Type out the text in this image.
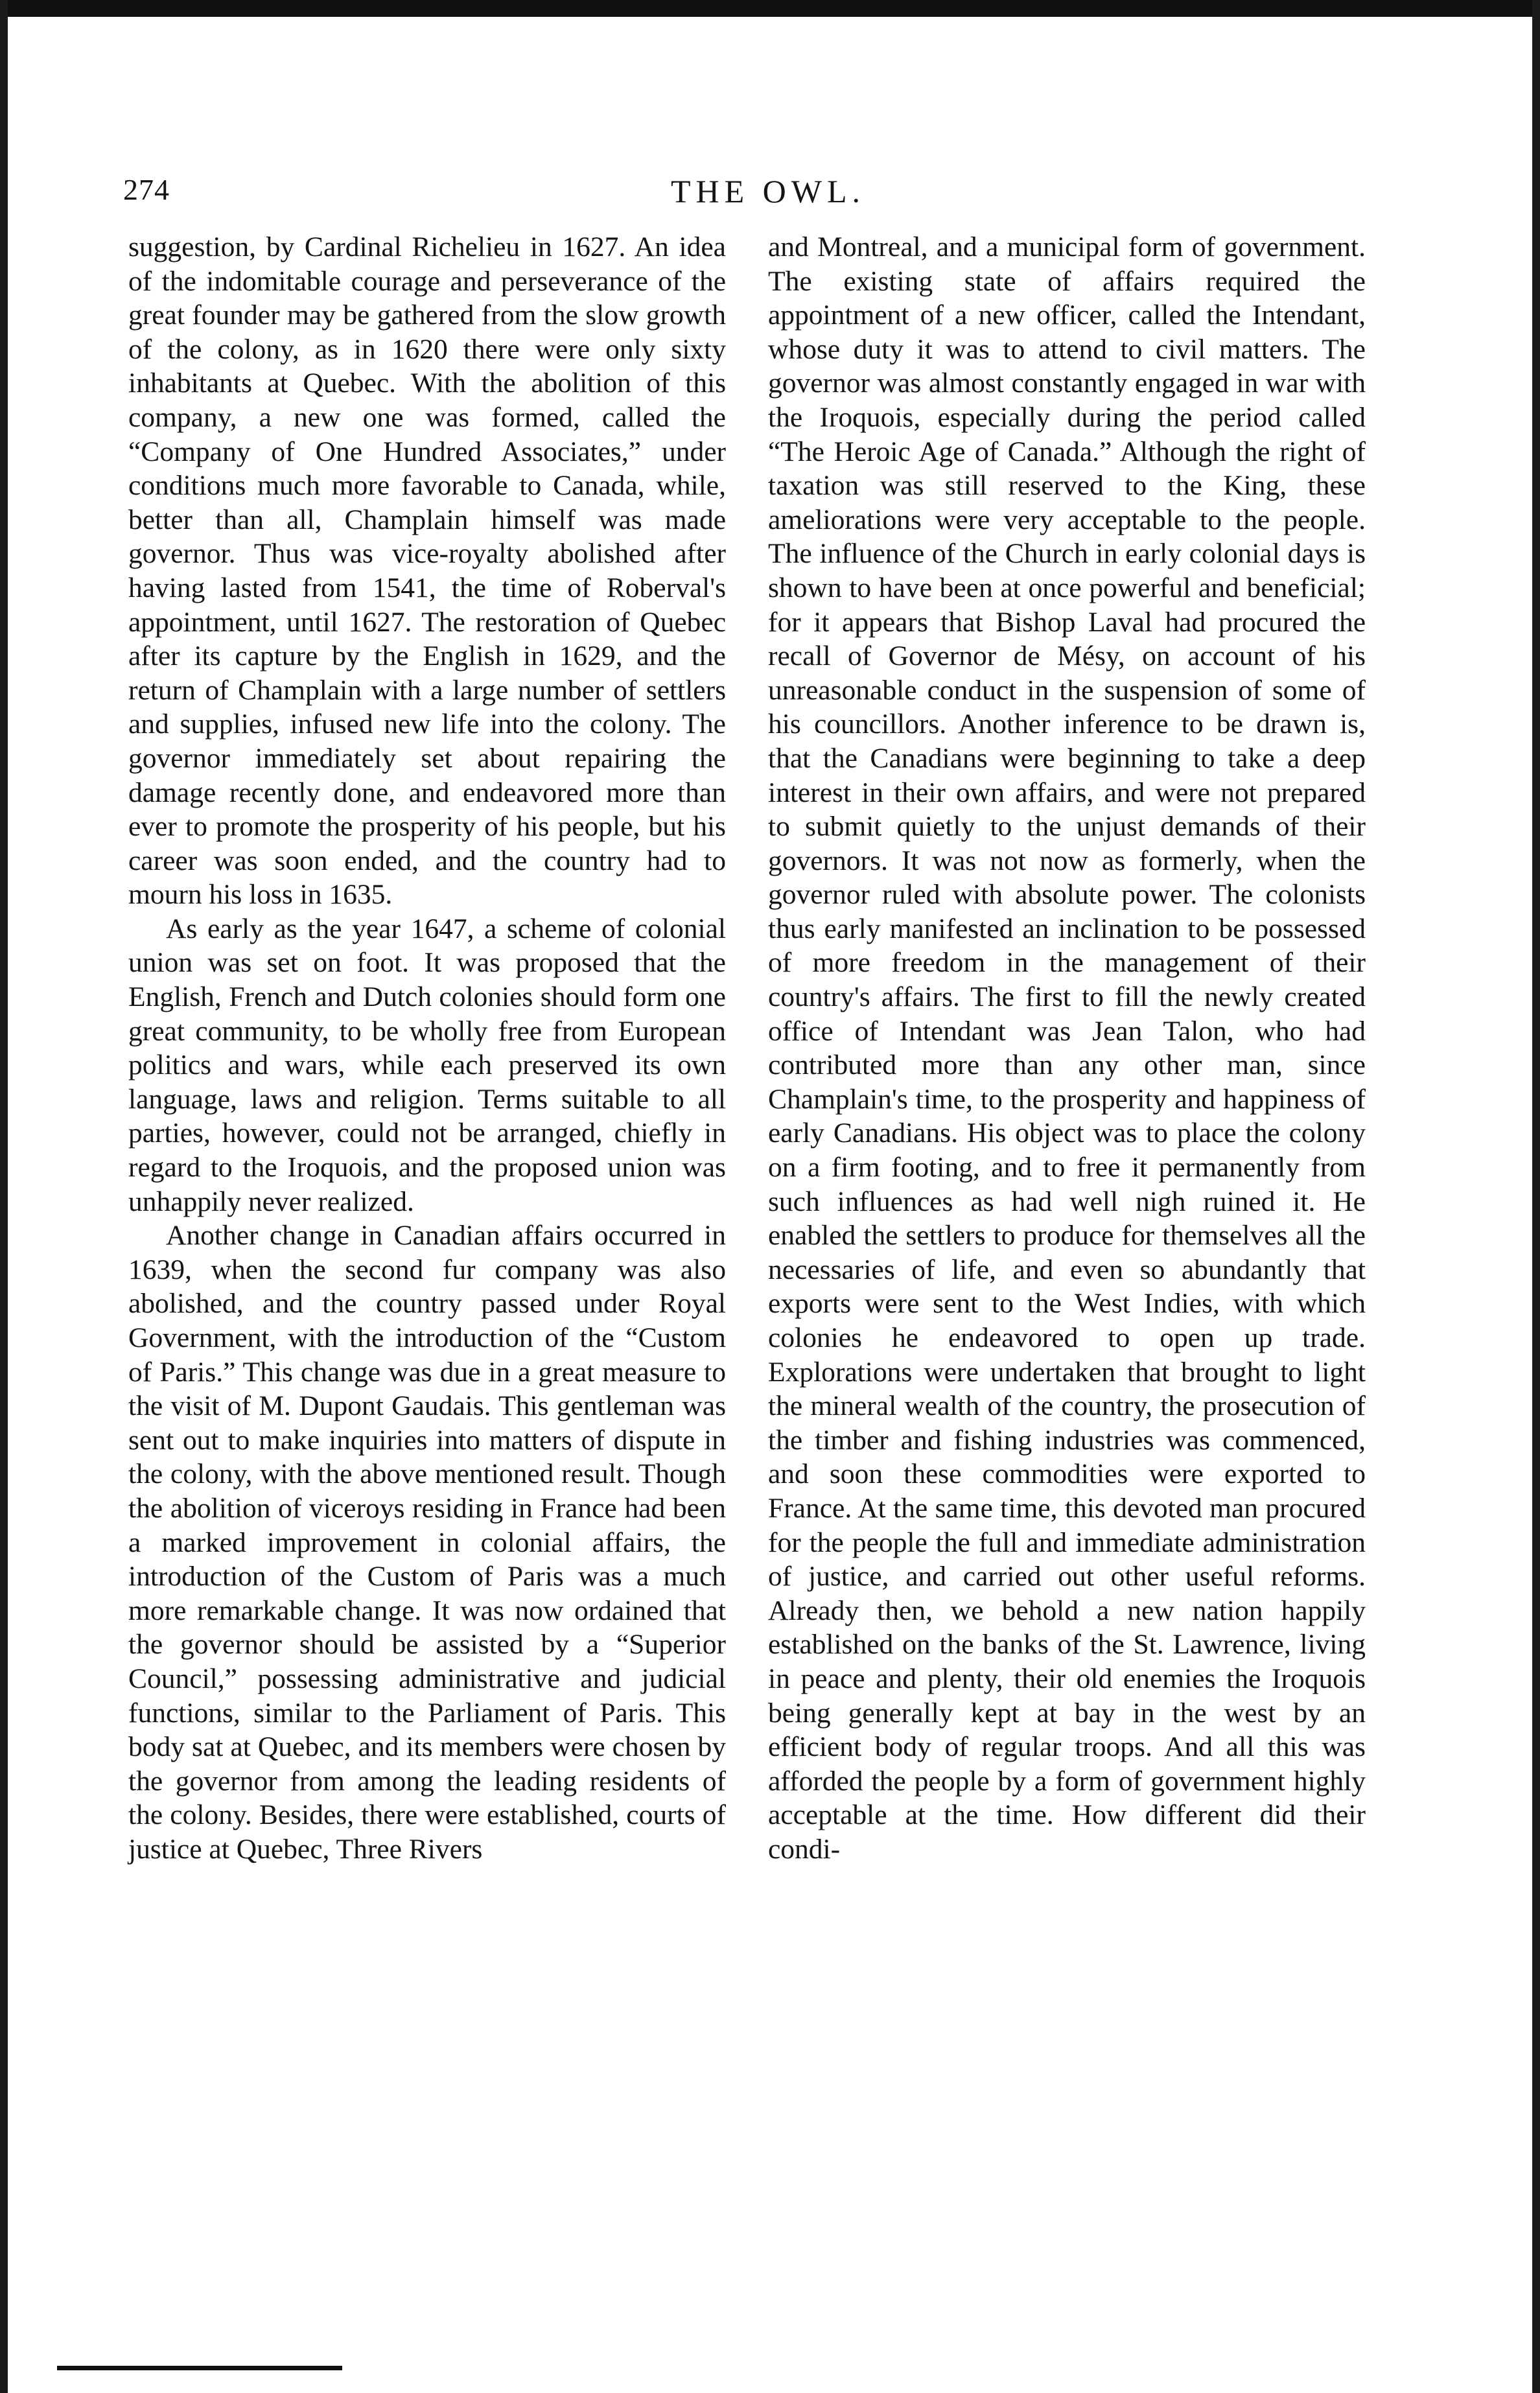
274	THE OWL.

suggestion, by Cardinal Richelieu in 1627. An idea of the indomitable courage and perseverance of the great founder may be gathered from the slow growth of the colony, as in 1620 there were only sixty inhabitants at Quebec. With the abolition of this company, a new one was formed, called the “Company of One Hundred Associates,” under conditions much more favorable to Canada, while, better than all, Champlain himself was made governor. Thus was vice-royalty abolished after having lasted from 1541, the time of Roberval's appointment, until 1627. The restoration of Quebec after its capture by the English in 1629, and the return of Champlain with a large number of settlers and supplies, infused new life into the colony. The governor immediately set about repairing the damage recently done, and endeavored more than ever to promote the prosperity of his people, but his career was soon ended, and the country had to mourn his loss in 1635.

As early as the year 1647, a scheme of colonial union was set on foot. It was proposed that the English, French and Dutch colonies should form one great community, to be wholly free from European politics and wars, while each preserved its own language, laws and religion. Terms suitable to all parties, however, could not be arranged, chiefly in regard to the Iroquois, and the proposed union was unhappily never realized.

Another change in Canadian affairs occurred in 1639, when the second fur company was also abolished, and the country passed under Royal Government, with the introduction of the “Custom of Paris.” This change was due in a great measure to the visit of M. Dupont Gaudais. This gentleman was sent out to make inquiries into matters of dispute in the colony, with the above mentioned result. Though the abolition of viceroys residing in France had been a marked improvement in colonial affairs, the introduction of the Custom of Paris was a much more remarkable change. It was now ordained that the governor should be assisted by a “Superior Council,” possessing administrative and judicial functions, similar to the Parliament of Paris. This body sat at Quebec, and its members were chosen by the governor from among the leading residents of the colony. Besides, there were established, courts of justice at Quebec, Three Rivers

and Montreal, and a municipal form of government. The existing state of affairs required the appointment of a new officer, called the Intendant, whose duty it was to attend to civil matters. The governor was almost constantly engaged in war with the Iroquois, especially during the period called “The Heroic Age of Canada.” Although the right of taxation was still reserved to the King, these ameliorations were very acceptable to the people. The influence of the Church in early colonial days is shown to have been at once powerful and beneficial; for it appears that Bishop Laval had procured the recall of Governor de Mésy, on account of his unreasonable conduct in the suspension of some of his councillors. Another inference to be drawn is, that the Canadians were beginning to take a deep interest in their own affairs, and were not prepared to submit quietly to the unjust demands of their governors. It was not now as formerly, when the governor ruled with absolute power. The colonists thus early manifested an inclination to be possessed of more freedom in the management of their country's affairs. The first to fill the newly created office of Intendant was Jean Talon, who had contributed more than any other man, since Champlain's time, to the prosperity and happiness of early Canadians. His object was to place the colony on a firm footing, and to free it permanently from such influences as had well nigh ruined it. He enabled the settlers to produce for themselves all the necessaries of life, and even so abundantly that exports were sent to the West Indies, with which colonies he endeavored to open up trade. Explorations were undertaken that brought to light the mineral wealth of the country, the prosecution of the timber and fishing industries was commenced, and soon these commodities were exported to France. At the same time, this devoted man procured for the people the full and immediate administration of justice, and carried out other useful reforms. Already then, we behold a new nation happily established on the banks of the St. Lawrence, living in peace and plenty, their old enemies the Iroquois being generally kept at bay in the west by an efficient body of regular troops. And all this was afforded the people by a form of government highly acceptable at the time. How different did their condi-
